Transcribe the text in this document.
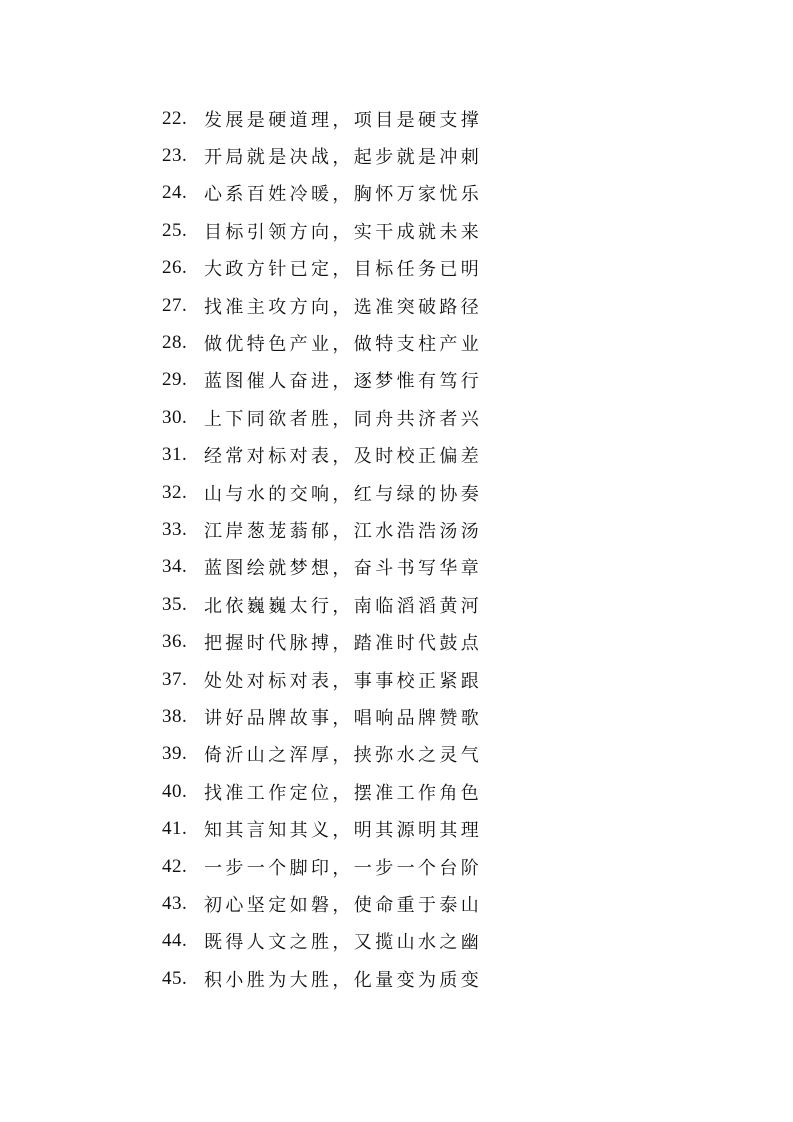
22. 发展是硬道理，项目是硬支撑
23. 开局就是决战，起步就是冲刺
24. 心系百姓冷暖，胸怀万家忧乐
25. 目标引领方向，实干成就未来
26. 大政方针已定，目标任务已明
27. 找准主攻方向，选准突破路径
28. 做优特色产业，做特支柱产业
29. 蓝图催人奋进，逐梦惟有笃行
30. 上下同欲者胜，同舟共济者兴
31. 经常对标对表，及时校正偏差
32. 山与水的交响，红与绿的协奏
33. 江岸葱茏蓊郁，江水浩浩汤汤
34. 蓝图绘就梦想，奋斗书写华章
35. 北依巍巍太行，南临滔滔黄河
36. 把握时代脉搏，踏准时代鼓点
37. 处处对标对表，事事校正紧跟
38. 讲好品牌故事，唱响品牌赞歌
39. 倚沂山之浑厚，挟弥水之灵气
40. 找准工作定位，摆准工作角色
41. 知其言知其义，明其源明其理
42. 一步一个脚印，一步一个台阶
43. 初心坚定如磐，使命重于泰山
44. 既得人文之胜，又揽山水之幽
45. 积小胜为大胜，化量变为质变
